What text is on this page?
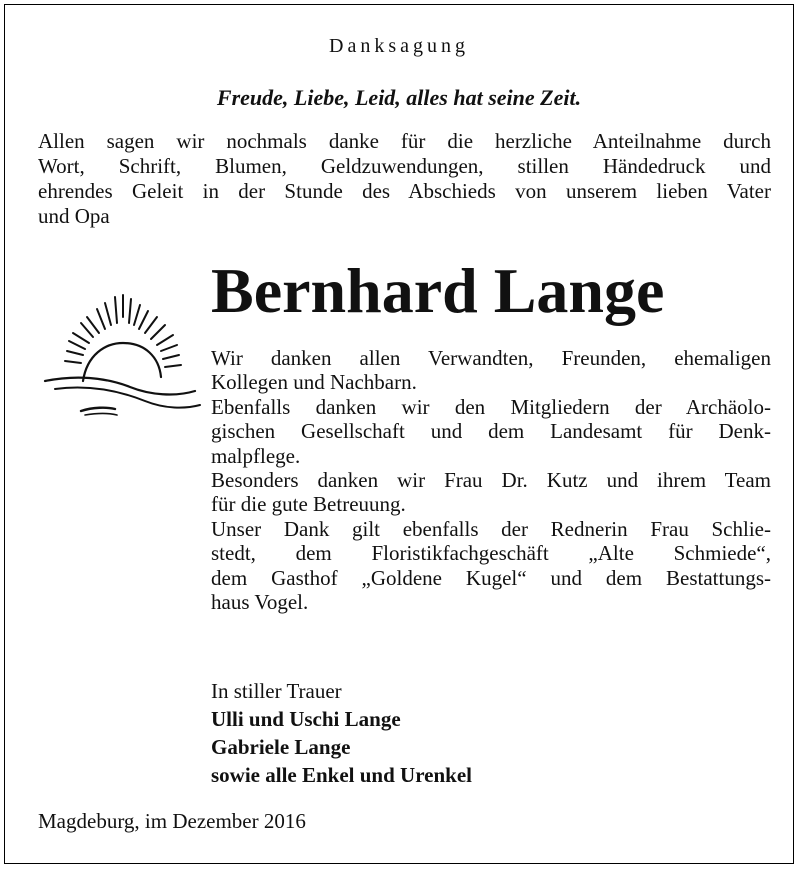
Danksagung
Freude, Liebe, Leid, alles hat seine Zeit.
Allen sagen wir nochmals danke für die herzliche Anteilnahme durch
Wort, Schrift, Blumen, Geldzuwendungen, stillen Händedruck und
ehrendes Geleit in der Stunde des Abschieds von unserem lieben Vater
und Opa
Bernhard Lange
Wir danken allen Verwandten, Freunden, ehemaligen
Kollegen und Nachbarn.
Ebenfalls danken wir den Mitgliedern der Archäolo-
gischen Gesellschaft und dem Landesamt für Denk-
malpflege.
Besonders danken wir Frau Dr. Kutz und ihrem Team
für die gute Betreuung.
Unser Dank gilt ebenfalls der Rednerin Frau Schlie-
stedt, dem Floristikfachgeschäft „Alte Schmiede“,
dem Gasthof „Goldene Kugel“ und dem Bestattungs-
haus Vogel.
In stiller Trauer
Ulli und Uschi Lange
Gabriele Lange
sowie alle Enkel und Urenkel
Magdeburg, im Dezember 2016
